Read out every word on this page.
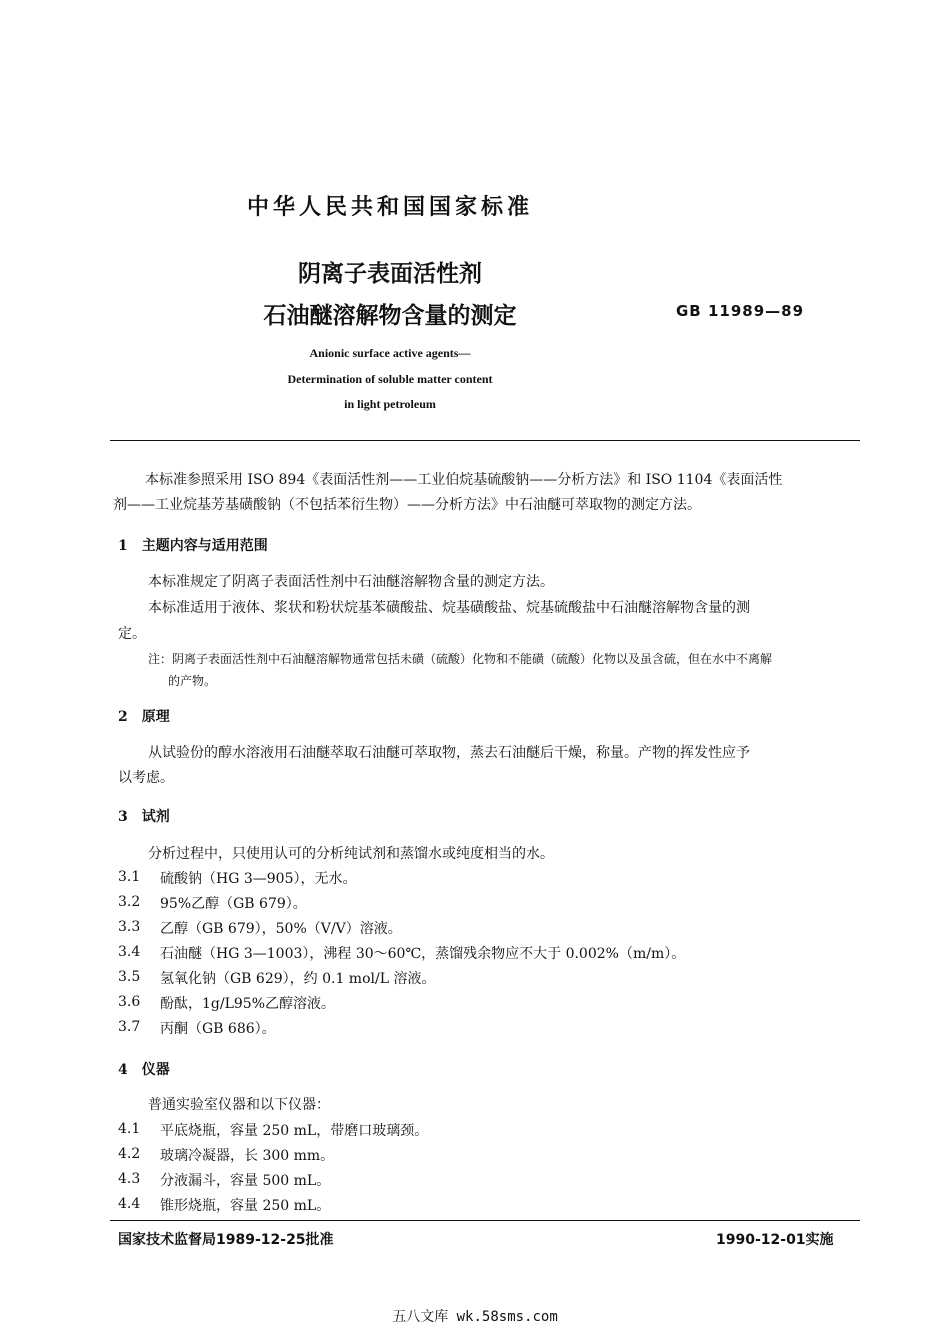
中华人民共和国国家标准
阴离子表面活性剂
石油醚溶解物含量的测定	GB 11989—89
Anionic surface active agents—
Determination of soluble matter content
in light petroleum
本标准参照采用 ISO 894《表面活性剂——工业伯烷基硫酸钠——分析方法》和 ISO 1104《表面活性
剂——工业烷基芳基磺酸钠（不包括苯衍生物）——分析方法》中石油醚可萃取物的测定方法。
1　主题内容与适用范围
本标准规定了阴离子表面活性剂中石油醚溶解物含量的测定方法。
本标准适用于液体、浆状和粉状烷基苯磺酸盐、烷基磺酸盐、烷基硫酸盐中石油醚溶解物含量的测
定。
注：阴离子表面活性剂中石油醚溶解物通常包括未磺（硫酸）化物和不能磺（硫酸）化物以及虽含硫，但在水中不离解
的产物。
2　原理
从试验份的醇水溶液用石油醚萃取石油醚可萃取物，蒸去石油醚后干燥，称量。产物的挥发性应予
以考虑。
3　试剂
分析过程中，只使用认可的分析纯试剂和蒸馏水或纯度相当的水。
3.1 硫酸钠（HG 3—905），无水。
3.2 95%乙醇（GB 679）。
3.3 乙醇（GB 679），50%（V/V）溶液。
3.4 石油醚（HG 3—1003），沸程 30～60℃，蒸馏残余物应不大于 0.002%（m/m）。
3.5 氢氧化钠（GB 629），约 0.1 mol/L 溶液。
3.6 酚酞，1g/L95%乙醇溶液。
3.7 丙酮（GB 686）。
4　仪器
普通实验室仪器和以下仪器：
4.1 平底烧瓶，容量 250 mL，带磨口玻璃颈。
4.2 玻璃冷凝器，长 300 mm。
4.3 分液漏斗，容量 500 mL。
4.4 锥形烧瓶，容量 250 mL。
国家技术监督局1989-12-25批准	1990-12-01实施
五八文库 wk.58sms.com
